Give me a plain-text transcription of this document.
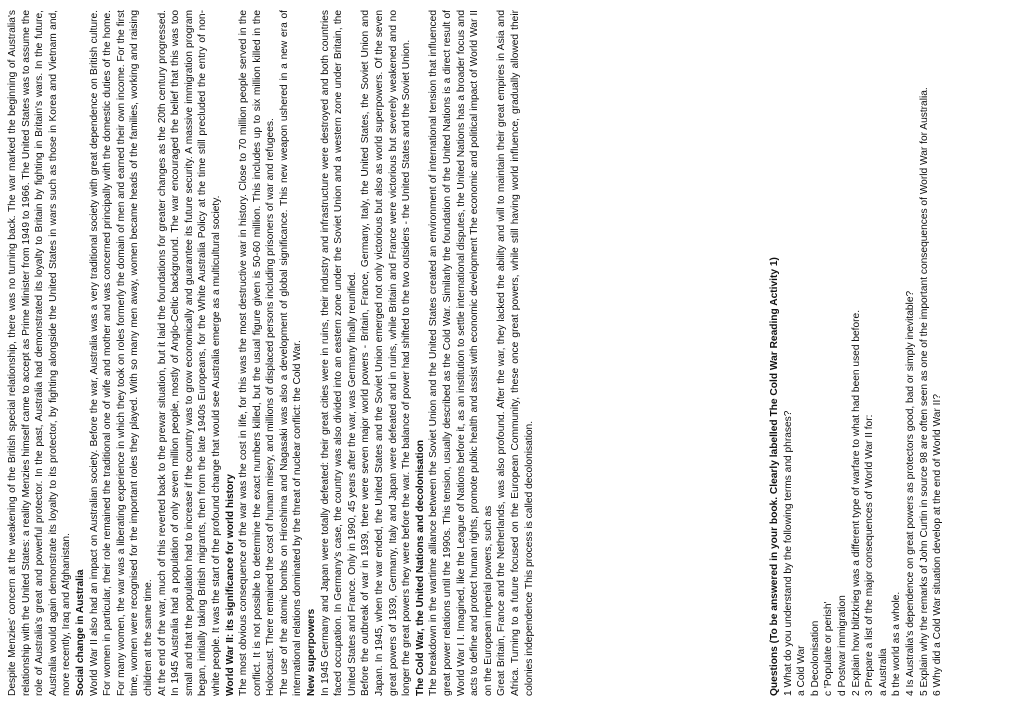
Despite Menzies' concern at the weakening of the British special relationship, there was no turning back. The war marked the beginning of Australia's relationship with the United States: a reality Menzies himself came to accept as Prime Minister from 1949 to 1966. The United States was to assume the role of Australia's great and powerful protector. In the past, Australia had demonstrated its loyalty to Britain by fighting in Britain's wars. In the future, Australia would again demonstrate its loyalty to its protector, by fighting alongside the United States in wars such as those in Korea and Vietnam and, more recently, Iraq and Afghanistan. Social change in Australia World War II also had an impact on Australian society. Before the war, Australia was a very traditional society with great dependence on British culture. For women in particular, their role remained the traditional one of wife and mother and was concerned principally with the domestic duties of the home. For many women, the war was a liberating experience in which they took on roles formerly the domain of men and earned their own income. For the first time, women were recognised for the important roles they played. With so many men away, women became heads of the families, working and raising children at the same time. At the end of the war, much of this reverted back to the prewar situation, but it laid the foundations for greater changes as the 20th century progressed. In 1945 Australia had a population of only seven million people, mostly of Anglo-Celtic background. The war encouraged the belief that this was too small and that the population had to increase if the country was to grow economically and guarantee its future security. A massive immigration program began, initially taking British migrants, then from the late 1940s Europeans, for the White Australia Policy at the time still precluded the entry of non-white people. It was the start of the profound change that would see Australia emerge as a multicultural society. World War II: its significance for world history The most obvious consequence of the war was the cost in life, for this was the most destructive war in history. Close to 70 million people served in the conflict. It is not possible to determine the exact numbers killed, but the usual figure given is 50-60 million. This includes up to six million killed in the Holocaust. There remained the cost of human misery, and millions of displaced persons including prisoners of war and refugees. The use of the atomic bombs on Hiroshima and Nagasaki was also a development of global significance. This new weapon ushered in a new era of international relations dominated by the threat of nuclear conflict: the Cold War. New superpowers In 1945 Germany and Japan were totally defeated: their great cities were in ruins, their industry and infrastructure were destroyed and both countries faced occupation. In Germany's case, the country was also divided into an eastern zone under the Soviet Union and a western zone under Britain, the United States and France. Only in 1990, 45 years after the war, was Germany finally reunified. Before the outbreak of war in 1939, there were seven major world powers - Britain, France, Germany, Italy, the United States, the Soviet Union and Japan. In 1945, when the war ended, the United States and the Soviet Union emerged not only victorious but also as world superpowers. Of the seven great powers of 1939, Germany, Italy and Japan were defeated and in ruins, while Britain and France were victorious but severely weakened and no longer the great powers they were before the war. The balance of power had shifted to the two outsiders - the United States and the Soviet Union. The Cold War, the United Nations and decolonisation The breakdown in the wartime alliance between the Soviet Union and the United States created an environment of international tension that influenced great power relations until the 1990s. This tension, usually described as the Cold War. Similarly the foundation of the United Nations is a direct result of World War I I. Imagined, like the League of Nations before it, as an institution to settle international disputes, the United Nations has a broader focus and acts to define and protect human rights, promote public health and assist with economic development The economic and political impact of World War II on the European imperial powers, such as Great Britain, France and the Netherlands, was also profound. After the war, they lacked the ability and will to maintain their great empires in Asia and Africa. Turning to a future focused on the European Community, these once great powers, while still having world influence, gradually allowed their colonies independence This process is called decolonisation.	Questions (To be answered in your book. Clearly labelled The Cold War Reading Activity 1) 1 What do you understand by the following terms and phrases? a Cold War b Decolonisation c 'Populate or perish' d Postwar immigration 2 Explain how blitzkrieg was a different type of warfare to what had been used before. 3 Prepare a list of the major consequences of World War II for: a Australia b the world as a whole. 4 Is Australia's dependence on great powers as protectors good, bad or simply inevitable? 5 Explain why the remarks of John Curtin in source 98 are often seen as one of the important consequences of World War for Australia. 6 Why did a Cold War situation develop at the end of World War II?
